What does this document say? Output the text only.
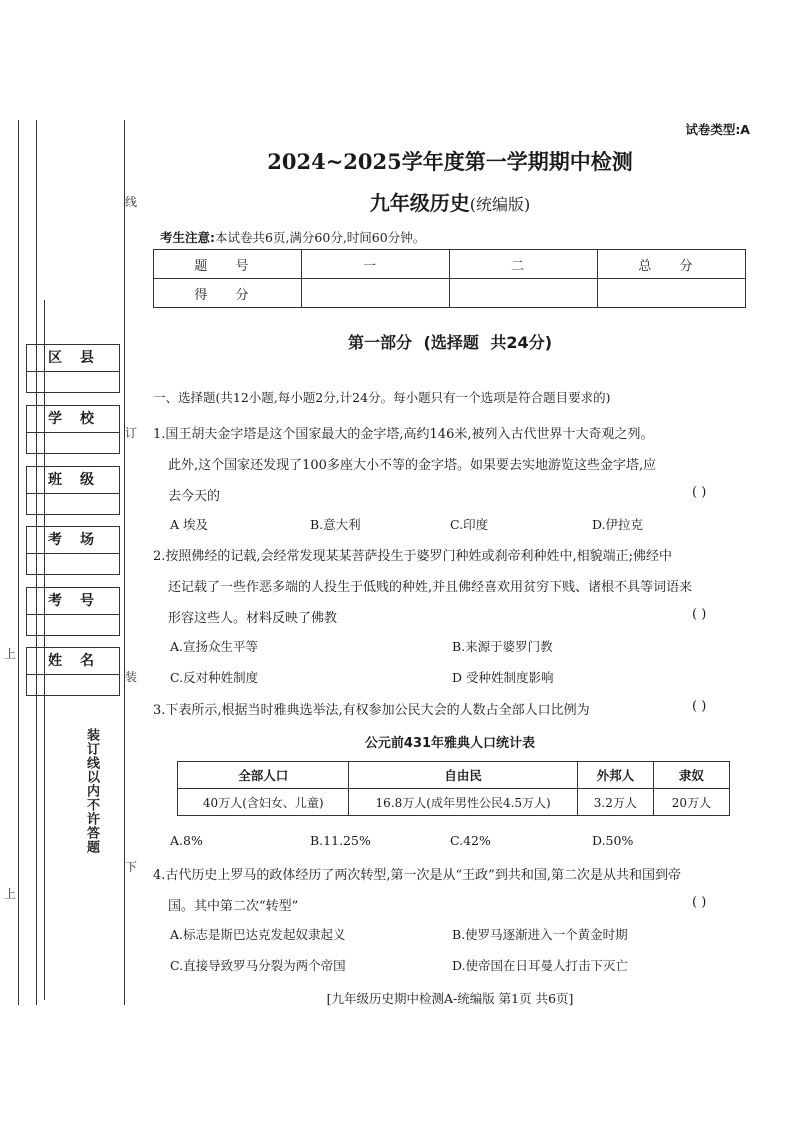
区县
学校
班级
考场
考号
姓名
线
订
装
下
上
上
装订线以内不许答题
试卷类型:A
2024~2025学年度第一学期期中检测
九年级历史(统编版)
考生注意:本试卷共6页,满分60分,时间60分钟。
题 号	一	二	总 分
得 分			
第一部分 (选择题 共24分)
一、选择题(共12小题,每小题2分,计24分。每小题只有一个选项是符合题目要求的)
1.国王胡夫金字塔是这个国家最大的金字塔,高约146米,被列入古代世界十大奇观之列。
此外,这个国家还发现了100多座大小不等的金字塔。如果要去实地游览这些金字塔,应
去今天的	( )
A 埃及	B.意大利	C.印度	D.伊拉克
2.按照佛经的记载,会经常发现某某菩萨投生于婆罗门种姓或刹帝利种姓中,相貌端正;佛经中
还记载了一些作恶多端的人投生于低贱的种姓,并且佛经喜欢用贫穷下贱、诸根不具等词语来
形容这些人。材料反映了佛教	( )
A.宣扬众生平等	B.来源于婆罗门教
C.反对种姓制度	D 受种姓制度影响
3.下表所示,根据当时雅典选举法,有权参加公民大会的人数占全部人口比例为	( )
公元前431年雅典人口统计表
全部人口	自由民	外邦人	隶奴
40万人(含妇女、儿童)	16.8万人(成年男性公民4.5万人)	3.2万人	20万人
A.8%	B.11.25%	C.42%	D.50%
4.古代历史上罗马的政体经历了两次转型,第一次是从“王政”到共和国,第二次是从共和国到帝
国。其中第二次“转型”	( )
A.标志是斯巴达克发起奴隶起义	B.使罗马逐渐进入一个黄金时期
C.直接导致罗马分裂为两个帝国	D.使帝国在日耳曼人打击下灭亡
[九年级历史期中检测A-统编版 第1页 共6页]
